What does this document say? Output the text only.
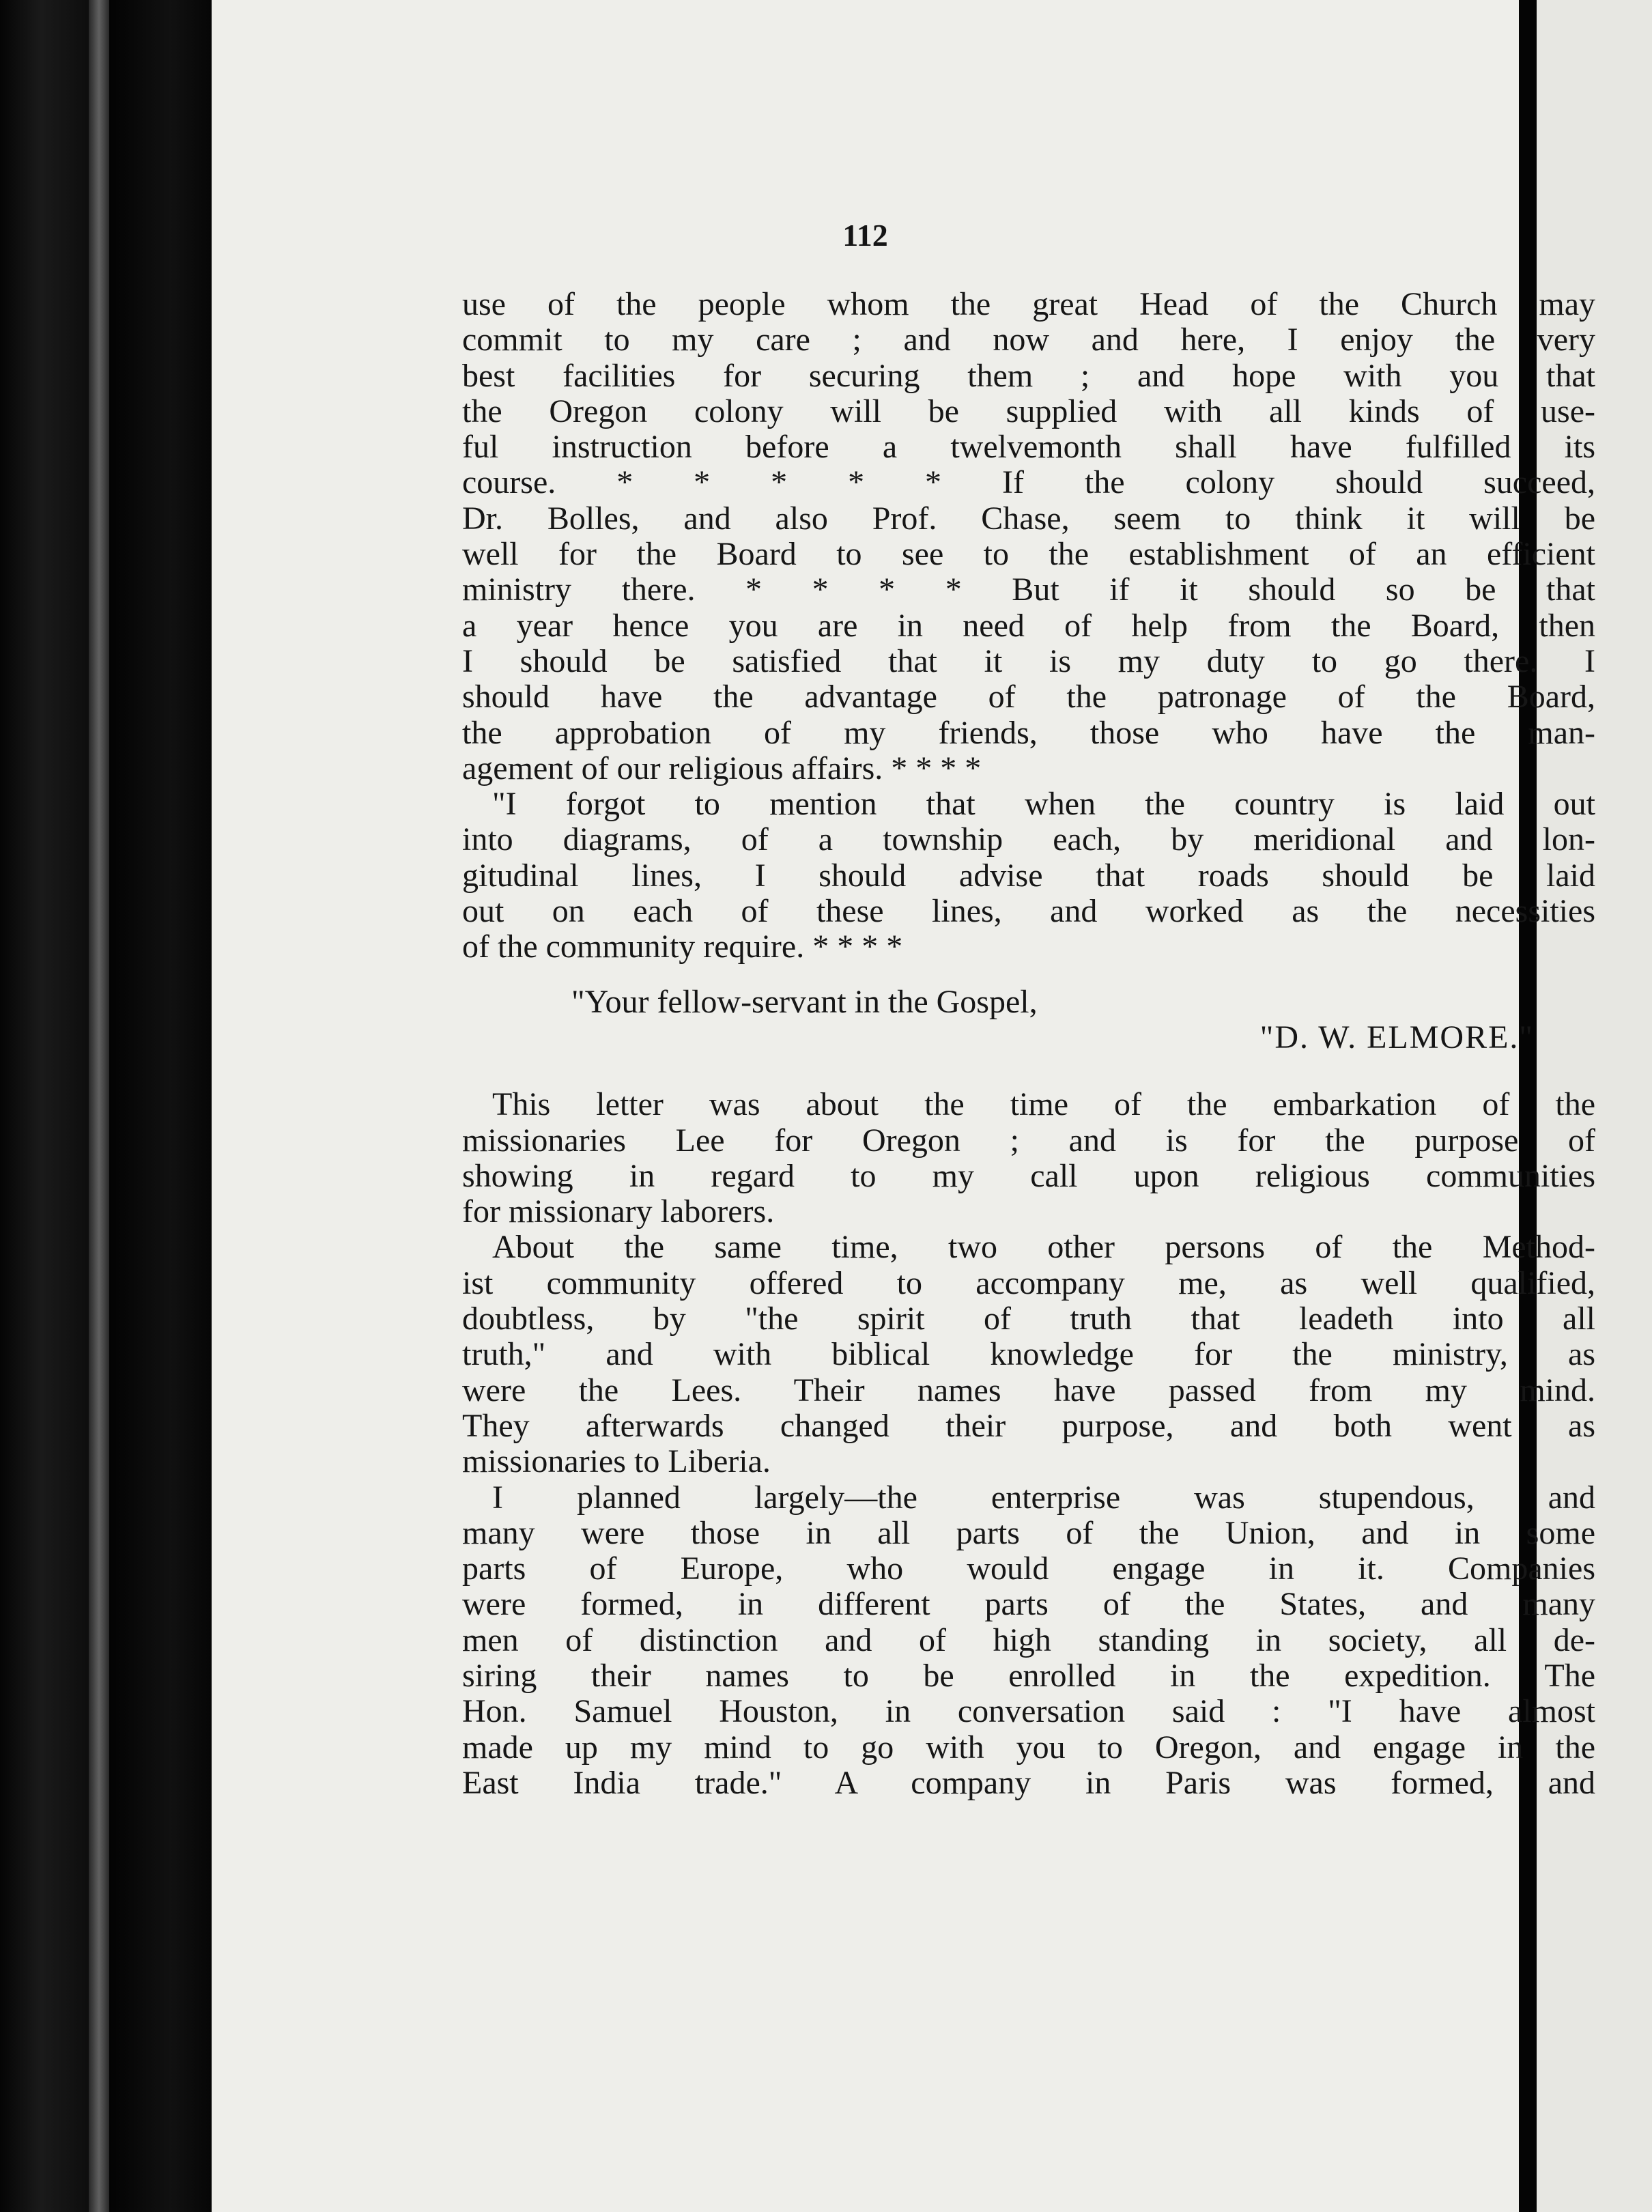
112
use of the people whom the great Head of the Church may
commit to my care ; and now and here, I enjoy the very
best facilities for securing them ; and hope with you that
the Oregon colony will be supplied with all kinds of use-
ful instruction before a twelvemonth shall have fulfilled its
course. * * * * * If the colony should succeed,
Dr. Bolles, and also Prof. Chase, seem to think it will be
well for the Board to see to the establishment of an efficient
ministry there. * * * * But if it should so be that
a year hence you are in need of help from the Board, then
I should be satisfied that it is my duty to go there. I
should have the advantage of the patronage of the Board,
the approbation of my friends, those who have the man-
agement of our religious affairs. * * * *
"I forgot to mention that when the country is laid out
into diagrams, of a township each, by meridional and lon-
gitudinal lines, I should advise that roads should be laid
out on each of these lines, and worked as the necessities
of the community require. * * * *
"Your fellow-servant in the Gospel,
"D. W. ELMORE."
This letter was about the time of the embarkation of the
missionaries Lee for Oregon ; and is for the purpose of
showing in regard to my call upon religious communities
for missionary laborers.
About the same time, two other persons of the Method-
ist community offered to accompany me, as well qualified,
doubtless, by "the spirit of truth that leadeth into all
truth," and with biblical knowledge for the ministry, as
were the Lees. Their names have passed from my mind.
They afterwards changed their purpose, and both went as
missionaries to Liberia.
I planned largely—the enterprise was stupendous, and
many were those in all parts of the Union, and in some
parts of Europe, who would engage in it. Companies
were formed, in different parts of the States, and many
men of distinction and of high standing in society, all de-
siring their names to be enrolled in the expedition. The
Hon. Samuel Houston, in conversation said : "I have almost
made up my mind to go with you to Oregon, and engage in the
East India trade." A company in Paris was formed, and
